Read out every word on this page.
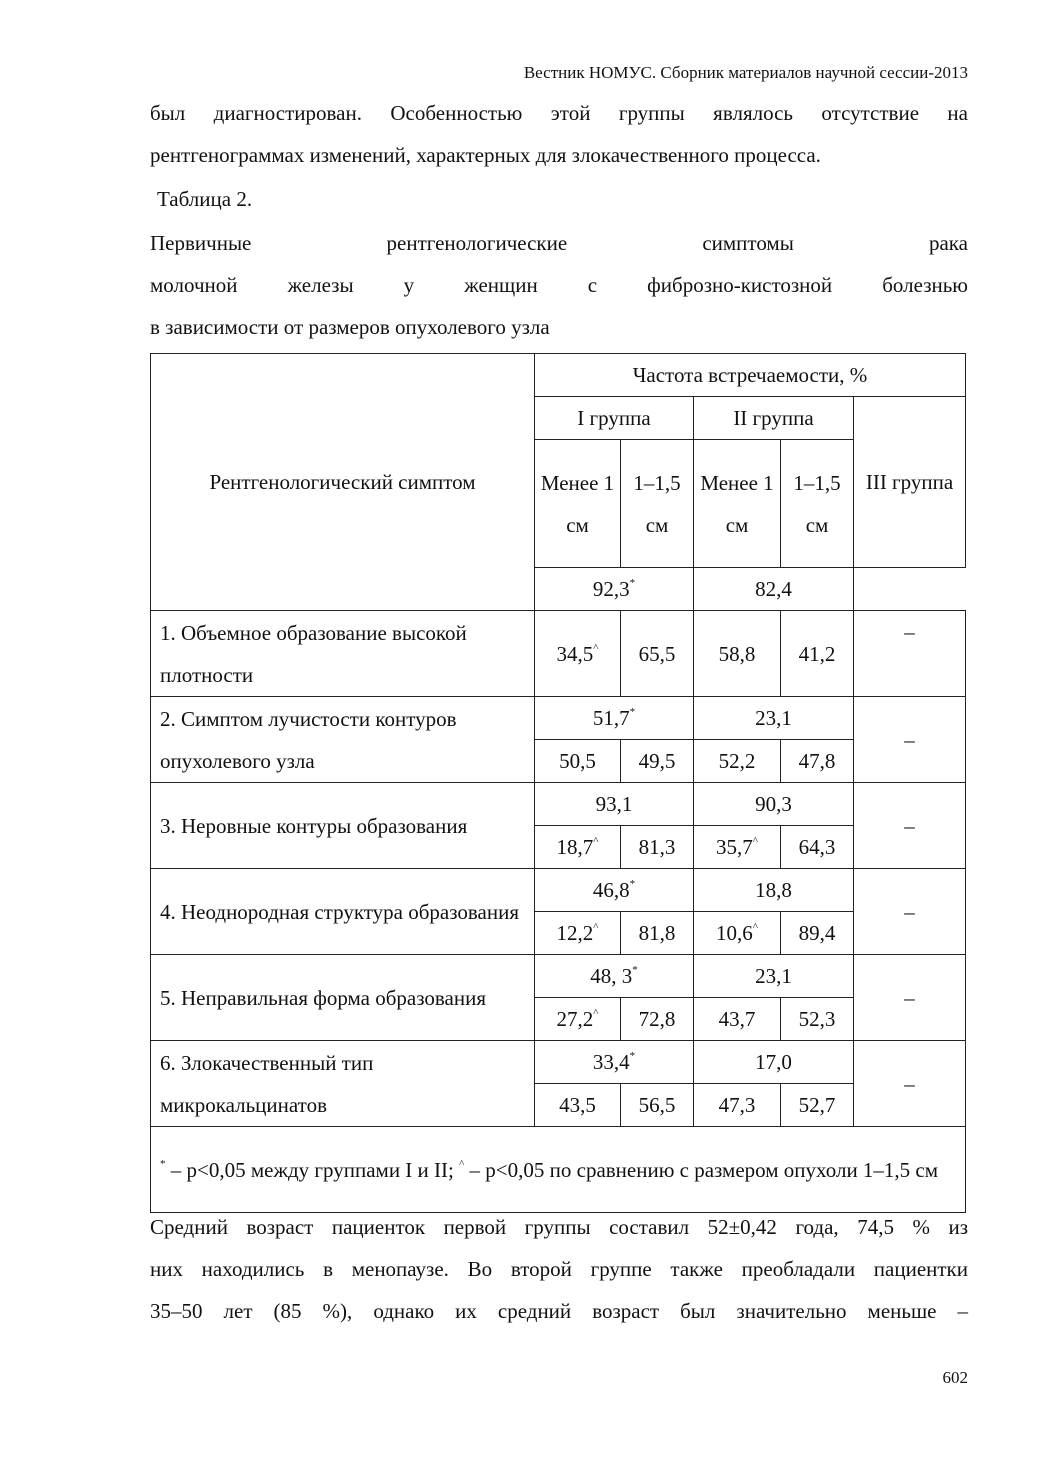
Вестник НОМУС. Сборник материалов научной сессии-2013
был диагностирован. Особенностью этой группы являлось отсутствие на
рентгенограммах изменений, характерных для злокачественного процесса.
Таблица 2.
Первичные рентгенологические симптомы рака
молочной железы у женщин с фиброзно-кистозной болезнью
в зависимости от размеров опухолевого узла
Рентгенологический симптом	Частота встречаемости, %				
	I группа		II группа		III группа
	Менее 1 см	1–1,5 см	Менее 1 см	1–1,5 см	
	92,3*		82,4		
1. Объемное образование высокой плотности	34,5^	65,5	58,8	41,2	–
2. Симптом лучистости контуров опухолевого узла	51,7*		23,1		–
	50,5	49,5	52,2	47,8	
3. Неровные контуры образования	93,1		90,3		–
	18,7^	81,3	35,7^	64,3	
4. Неоднородная структура образования	46,8*		18,8		–
	12,2^	81,8	10,6^	89,4	
5. Неправильная форма образования	48, 3*		23,1		–
	27,2^	72,8	43,7	52,3	
6. Злокачественный тип микрокальцинатов	33,4*		17,0		–
	43,5	56,5	47,3	52,7	
* – p<0,05 между группами I и II; ^ – p<0,05 по сравнению с размером опухоли 1–1,5 см					
602
Средний возраст пациенток первой группы составил 52±0,42 года, 74,5 % из
них находились в менопаузе. Во второй группе также преобладали пациентки
35–50 лет (85 %), однако их средний возраст был значительно меньше –
